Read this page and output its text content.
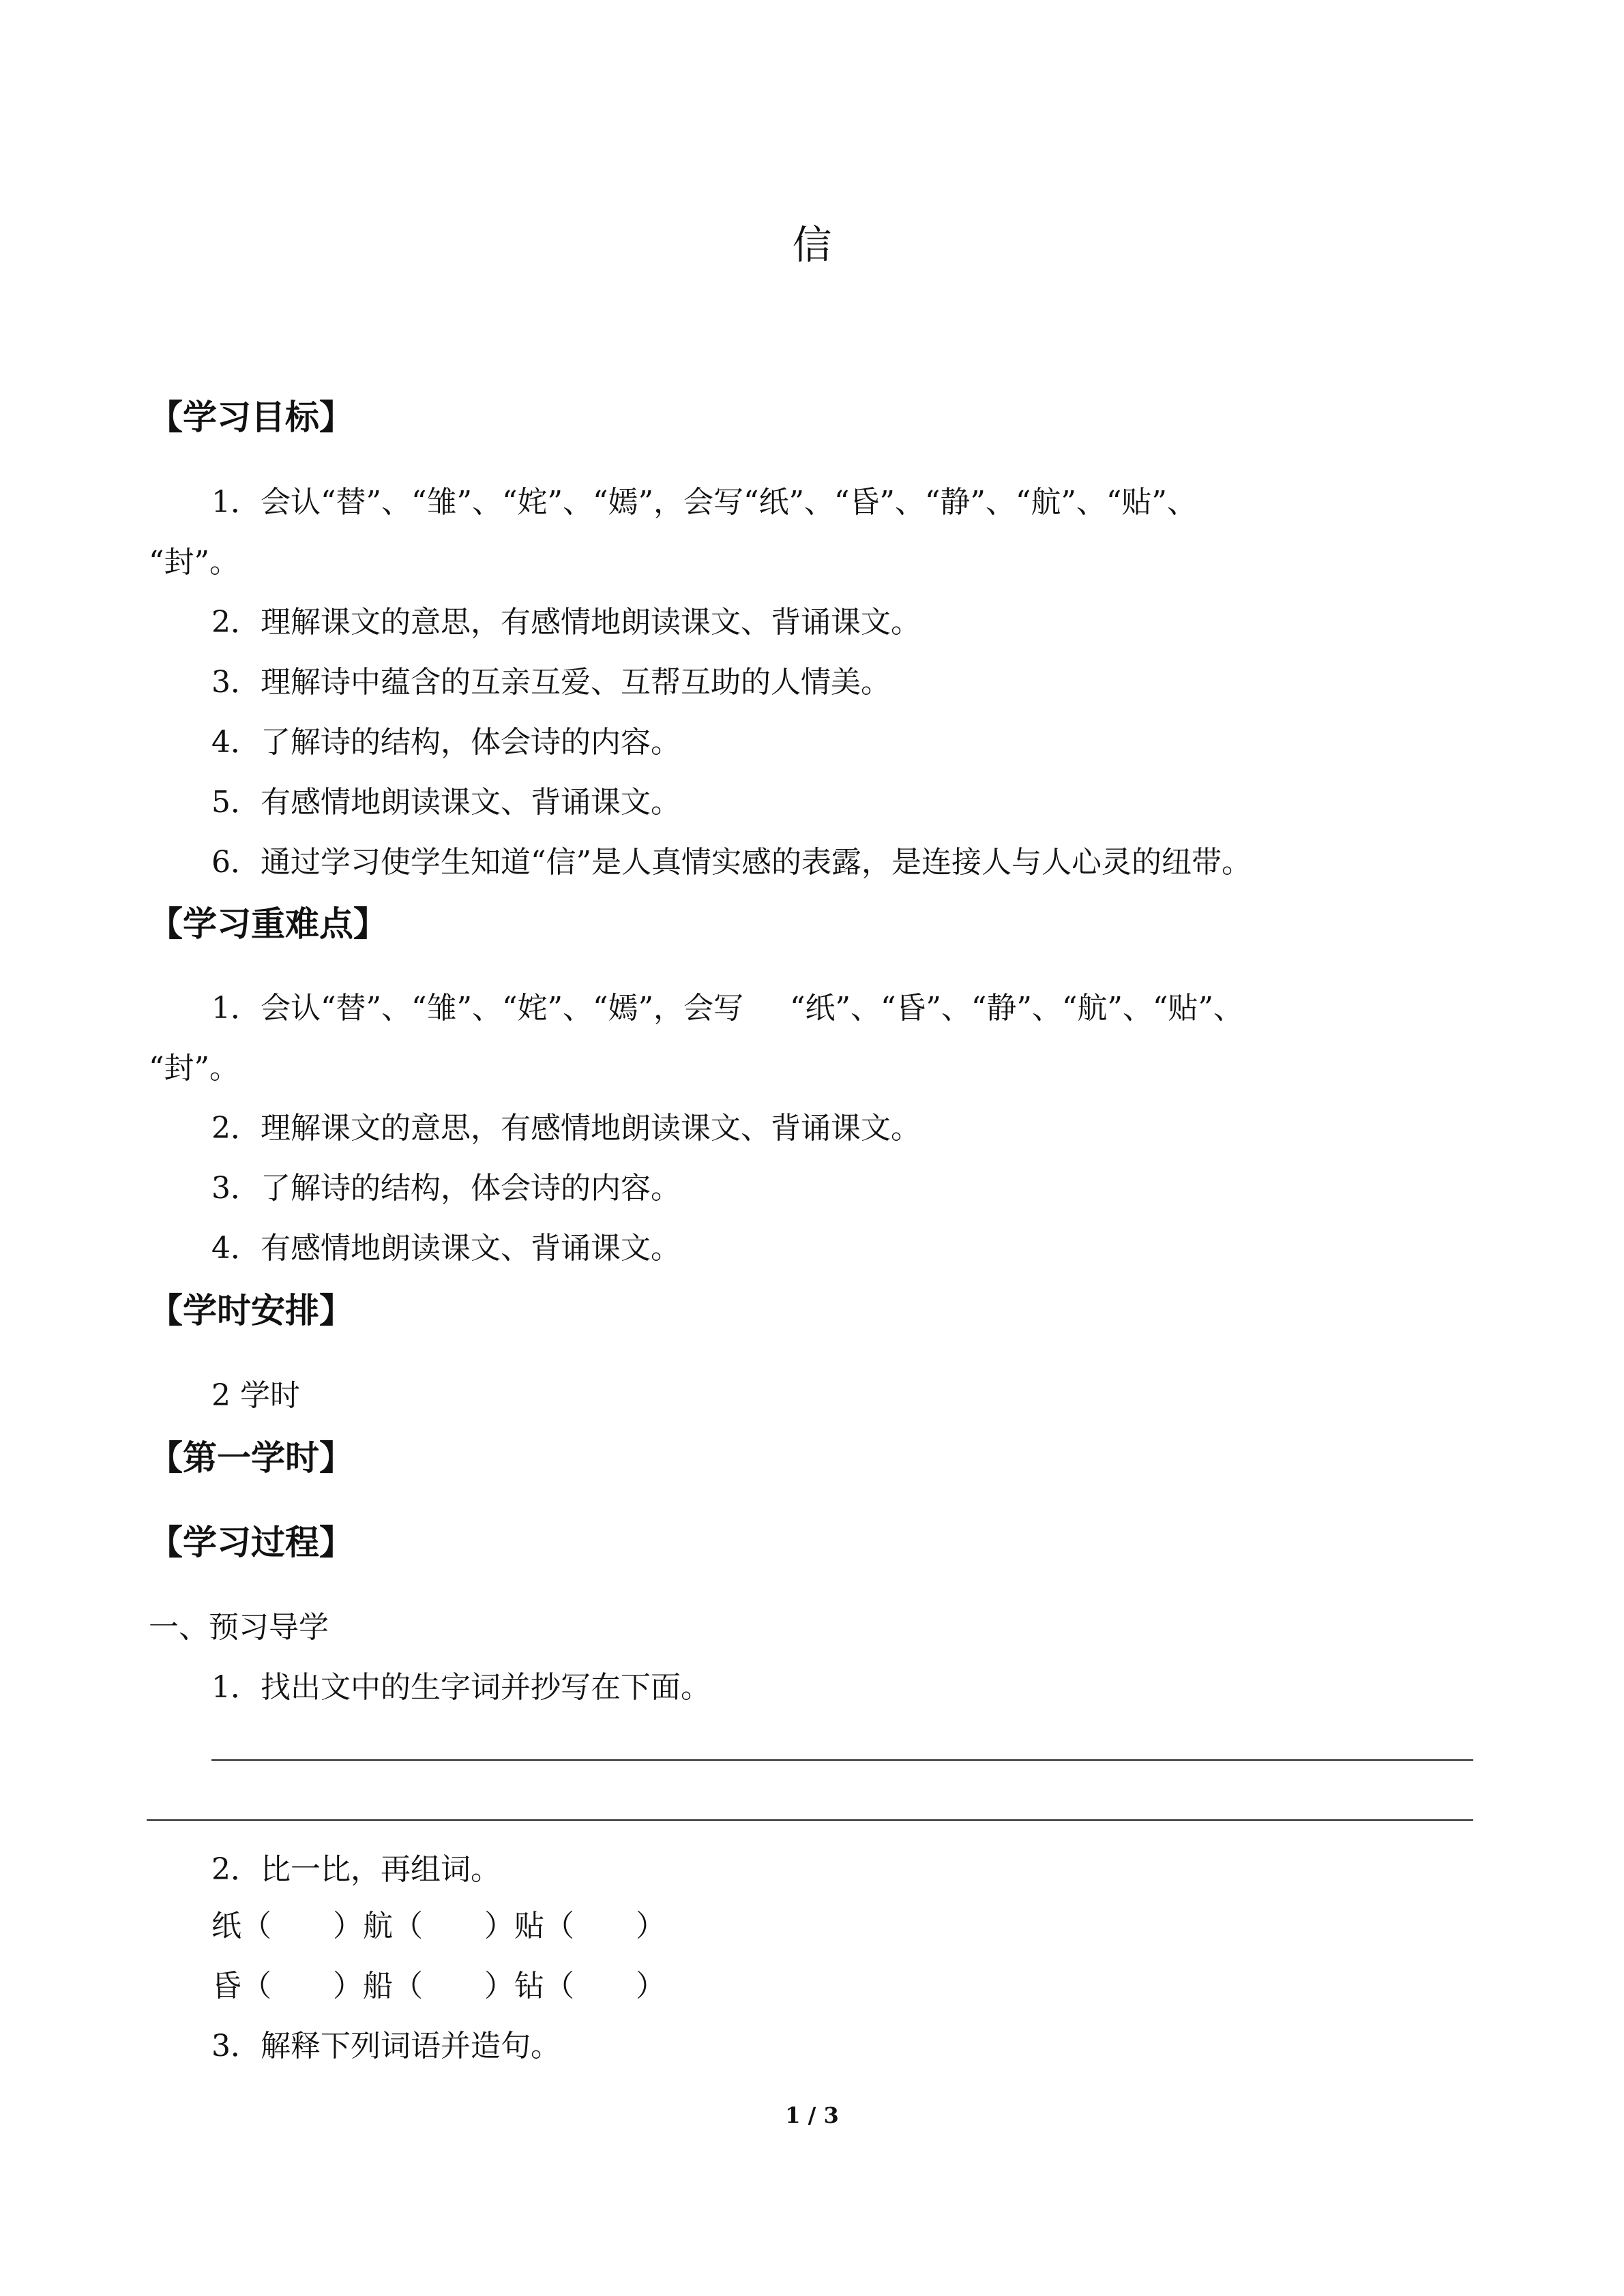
信
【学习目标】
1．会认“替”、“雏”、“姹”、“嫣”，会写“纸”、“昏”、“静”、“航”、“贴”、
“封”。
2．理解课文的意思，有感情地朗读课文、背诵课文。
3．理解诗中蕴含的互亲互爱、互帮互助的人情美。
4．了解诗的结构，体会诗的内容。
5．有感情地朗读课文、背诵课文。
6．通过学习使学生知道“信”是人真情实感的表露，是连接人与人心灵的纽带。
【学习重难点】
1．会认“替”、“雏”、“姹”、“嫣”，会写 “纸”、“昏”、“静”、“航”、“贴”、
“封”。
2．理解课文的意思，有感情地朗读课文、背诵课文。
3．了解诗的结构，体会诗的内容。
4．有感情地朗读课文、背诵课文。
【学时安排】
2 学时
【第一学时】
【学习过程】
一、预习导学
1．找出文中的生字词并抄写在下面。
2．比一比，再组词。
纸（ ）航（ ）贴（ ）
昏（ ）船（ ）钻（ ）
3．解释下列词语并造句。
1 / 3
